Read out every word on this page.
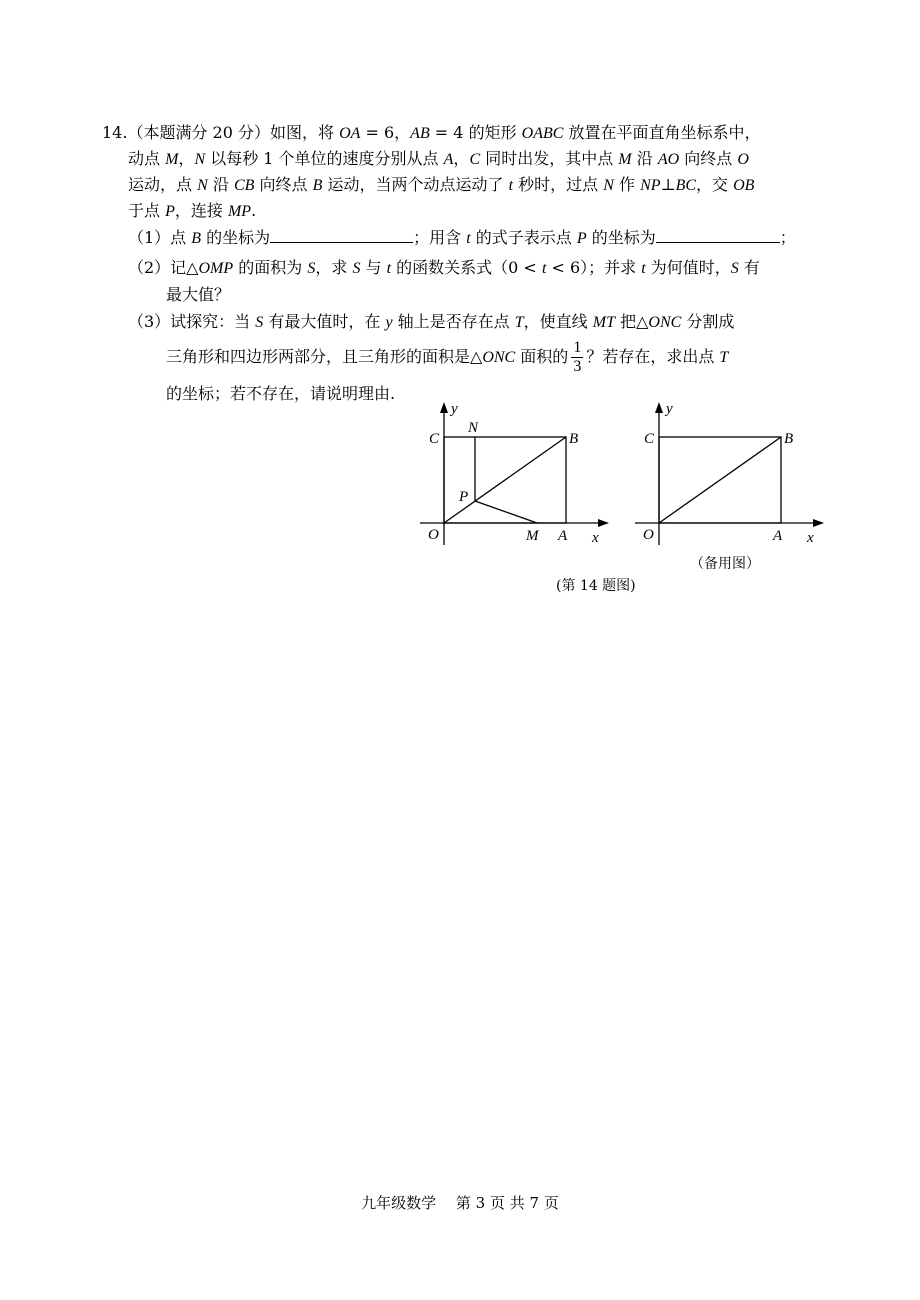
14.（本题满分 20 分）如图，将 OA = 6，AB = 4 的矩形 OABC 放置在平面直角坐标系中，
动点 M，N 以每秒 1 个单位的速度分别从点 A，C 同时出发，其中点 M 沿 AO 向终点 O
运动，点 N 沿 CB 向终点 B 运动，当两个动点运动了 t 秒时，过点 N 作 NP⊥BC，交 OB
于点 P，连接 MP.
（1）点 B 的坐标为	；用含 t 的式子表示点 P 的坐标为	；
（2）记△OMP 的面积为 S，求 S 与 t 的函数关系式（0 < t < 6）；并求 t 为何值时，S 有
最大值？
（3）试探究：当 S 有最大值时，在 y 轴上是否存在点 T，使直线 MT 把△ONC 分割成
三角形和四边形两部分，且三角形的面积是△ONC 面积的 $\frac{1}{3}$ ？若存在，求出点 T
的坐标；若不存在，请说明理由.
y
C
N
B
P
O	M A x
y
C	B
O	A x
（备用图）
(第 14 题图)
九年级数学　 第 3 页 共 7 页
